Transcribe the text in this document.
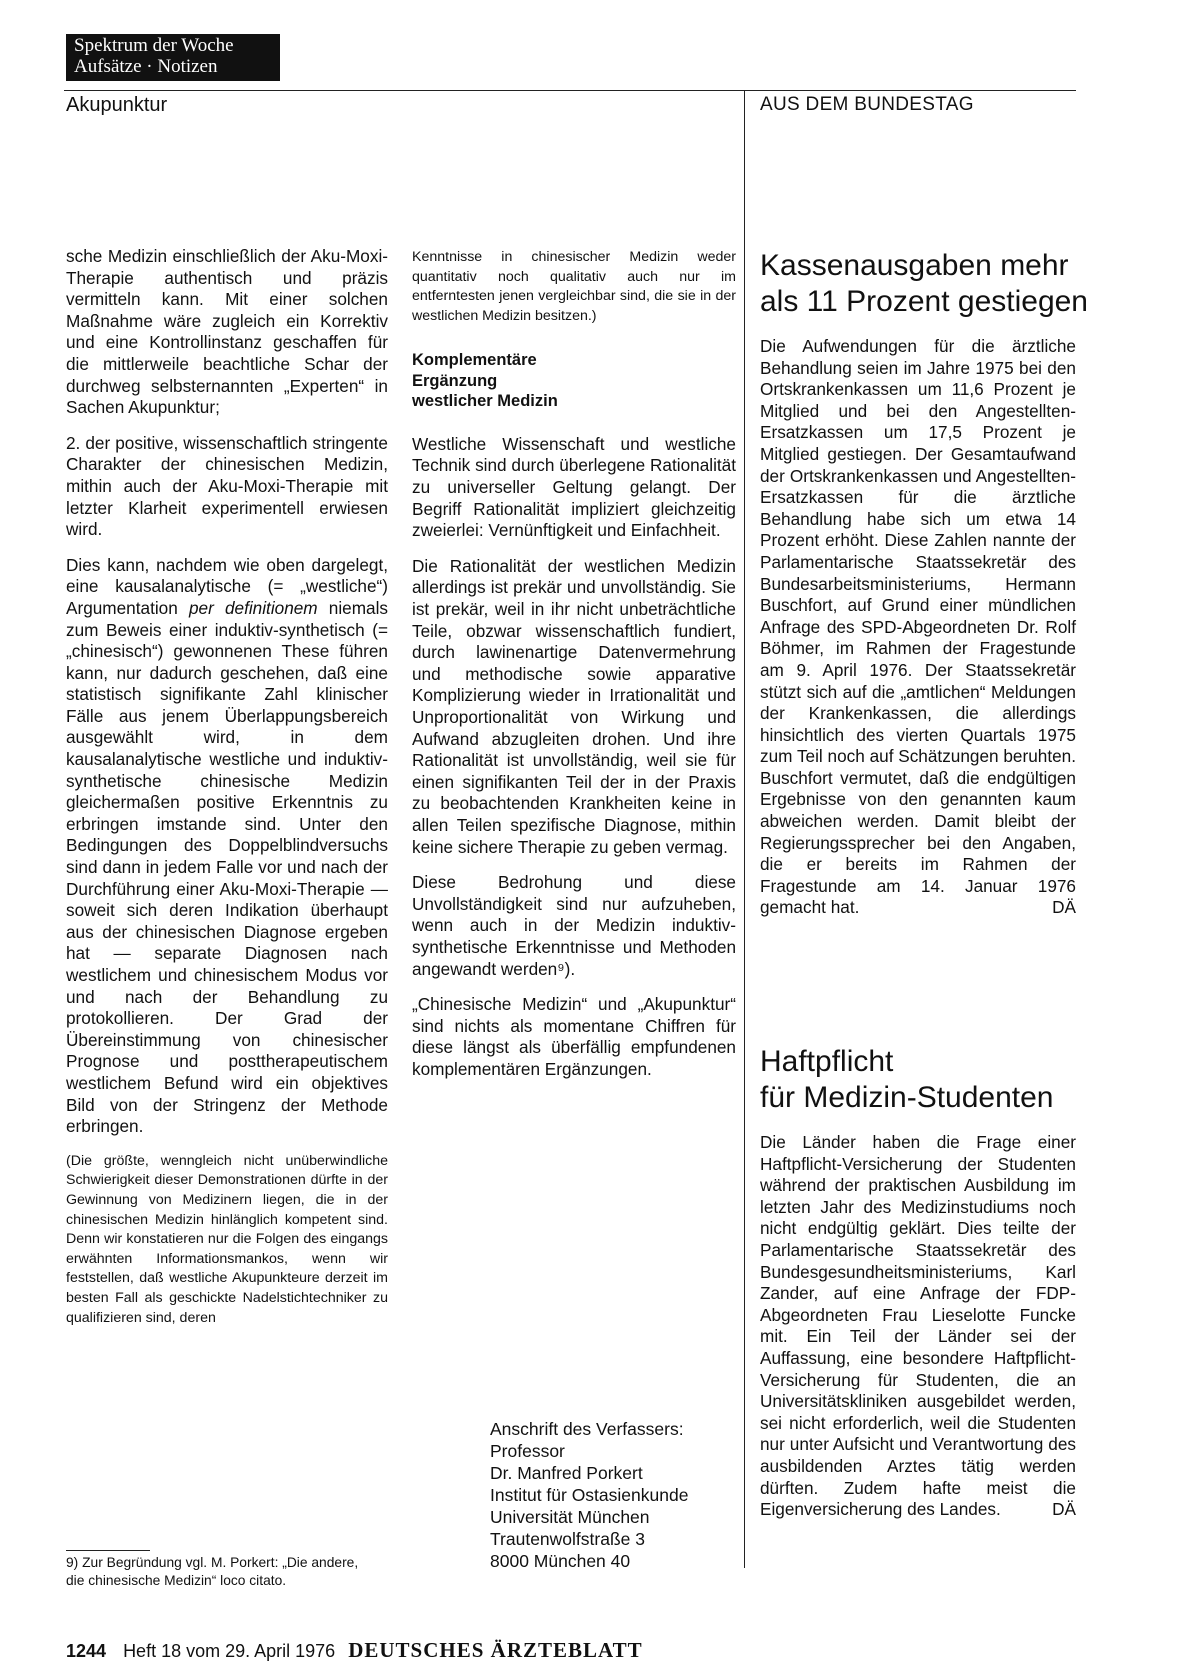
Spektrum der Woche
Aufsätze · Notizen
Akupunktur	AUS DEM BUNDESTAG

sche Medizin einschließlich der Aku-Moxi-Therapie authentisch und präzis vermitteln kann. Mit einer solchen Maßnahme wäre zugleich ein Korrektiv und eine Kontrollinstanz geschaffen für die mittlerweile beachtliche Schar der durchweg selbsternannten „Experten“ in Sachen Akupunktur;

2. der positive, wissenschaftlich stringente Charakter der chinesischen Medizin, mithin auch der Aku-Moxi-Therapie mit letzter Klarheit experimentell erwiesen wird.

Dies kann, nachdem wie oben dargelegt, eine kausalanalytische (= „westliche“) Argumentation per definitionem niemals zum Beweis einer induktiv-synthetisch (= „chinesisch“) gewonnenen These führen kann, nur dadurch geschehen, daß eine statistisch signifikante Zahl klinischer Fälle aus jenem Überlappungsbereich ausgewählt wird, in dem kausalanalytische westliche und induktiv-synthetische chinesische Medizin gleichermaßen positive Erkenntnis zu erbringen imstande sind. Unter den Bedingungen des Doppelblindversuchs sind dann in jedem Falle vor und nach der Durchführung einer Aku-Moxi-Therapie — soweit sich deren Indikation überhaupt aus der chinesischen Diagnose ergeben hat — separate Diagnosen nach westlichem und chinesischem Modus vor und nach der Behandlung zu protokollieren. Der Grad der Übereinstimmung von chinesischer Prognose und posttherapeutischem westlichem Befund wird ein objektives Bild von der Stringenz der Methode erbringen.

(Die größte, wenngleich nicht unüberwindliche Schwierigkeit dieser Demonstrationen dürfte in der Gewinnung von Medizinern liegen, die in der chinesischen Medizin hinlänglich kompetent sind. Denn wir konstatieren nur die Folgen des eingangs erwähnten Informationsmankos, wenn wir feststellen, daß westliche Akupunkteure derzeit im besten Fall als geschickte Nadelstichtechniker zu qualifizieren sind, deren

Kenntnisse in chinesischer Medizin weder quantitativ noch qualitativ auch nur im entferntesten jenen vergleichbar sind, die sie in der westlichen Medizin besitzen.)

Komplementäre
Ergänzung
westlicher Medizin

Westliche Wissenschaft und westliche Technik sind durch überlegene Rationalität zu universeller Geltung gelangt. Der Begriff Rationalität impliziert gleichzeitig zweierlei: Vernünftigkeit und Einfachheit.

Die Rationalität der westlichen Medizin allerdings ist prekär und unvollständig. Sie ist prekär, weil in ihr nicht unbeträchtliche Teile, obzwar wissenschaftlich fundiert, durch lawinenartige Datenvermehrung und methodische sowie apparative Komplizierung wieder in Irrationalität und Unproportionalität von Wirkung und Aufwand abzugleiten drohen. Und ihre Rationalität ist unvollständig, weil sie für einen signifikanten Teil der in der Praxis zu beobachtenden Krankheiten keine in allen Teilen spezifische Diagnose, mithin keine sichere Therapie zu geben vermag.

Diese Bedrohung und diese Unvollständigkeit sind nur aufzuheben, wenn auch in der Medizin induktiv-synthetische Erkenntnisse und Methoden angewandt werden⁹).

„Chinesische Medizin“ und „Akupunktur“ sind nichts als momentane Chiffren für diese längst als überfällig empfundenen komplementären Ergänzungen.

Anschrift des Verfassers:
Professor
Dr. Manfred Porkert
Institut für Ostasienkunde
Universität München
Trautenwolfstraße 3
8000 München 40
9) Zur Begründung vgl. M. Porkert: „Die andere, die chinesische Medizin“ loco citato.
Kassenausgaben mehr
als 11 Prozent gestiegen

Die Aufwendungen für die ärztliche Behandlung seien im Jahre 1975 bei den Ortskrankenkassen um 11,6 Prozent je Mitglied und bei den Angestellten-Ersatzkassen um 17,5 Prozent je Mitglied gestiegen. Der Gesamtaufwand der Ortskrankenkassen und Angestellten-Ersatzkassen für die ärztliche Behandlung habe sich um etwa 14 Prozent erhöht. Diese Zahlen nannte der Parlamentarische Staatssekretär des Bundesarbeitsministeriums, Hermann Buschfort, auf Grund einer mündlichen Anfrage des SPD-Abgeordneten Dr. Rolf Böhmer, im Rahmen der Fragestunde am 9. April 1976. Der Staatssekretär stützt sich auf die „amtlichen“ Meldungen der Krankenkassen, die allerdings hinsichtlich des vierten Quartals 1975 zum Teil noch auf Schätzungen beruhten. Buschfort vermutet, daß die endgültigen Ergebnisse von den genannten kaum abweichen werden. Damit bleibt der Regierungssprecher bei den Angaben, die er bereits im Rahmen der Fragestunde am 14. Januar 1976 gemacht hat.	DÄ

Haftpflicht
für Medizin-Studenten

Die Länder haben die Frage einer Haftpflicht-Versicherung der Studenten während der praktischen Ausbildung im letzten Jahr des Medizinstudiums noch nicht endgültig geklärt. Dies teilte der Parlamentarische Staatssekretär des Bundesgesundheitsministeriums, Karl Zander, auf eine Anfrage der FDP-Abgeordneten Frau Lieselotte Funcke mit. Ein Teil der Länder sei der Auffassung, eine besondere Haftpflicht-Versicherung für Studenten, die an Universitätskliniken ausgebildet werden, sei nicht erforderlich, weil die Studenten nur unter Aufsicht und Verantwortung des ausbildenden Arztes tätig werden dürften. Zudem hafte meist die Eigenversicherung des Landes.	DÄ

1244 Heft 18 vom 29. April 1976 DEUTSCHES ÄRZTEBLATT
